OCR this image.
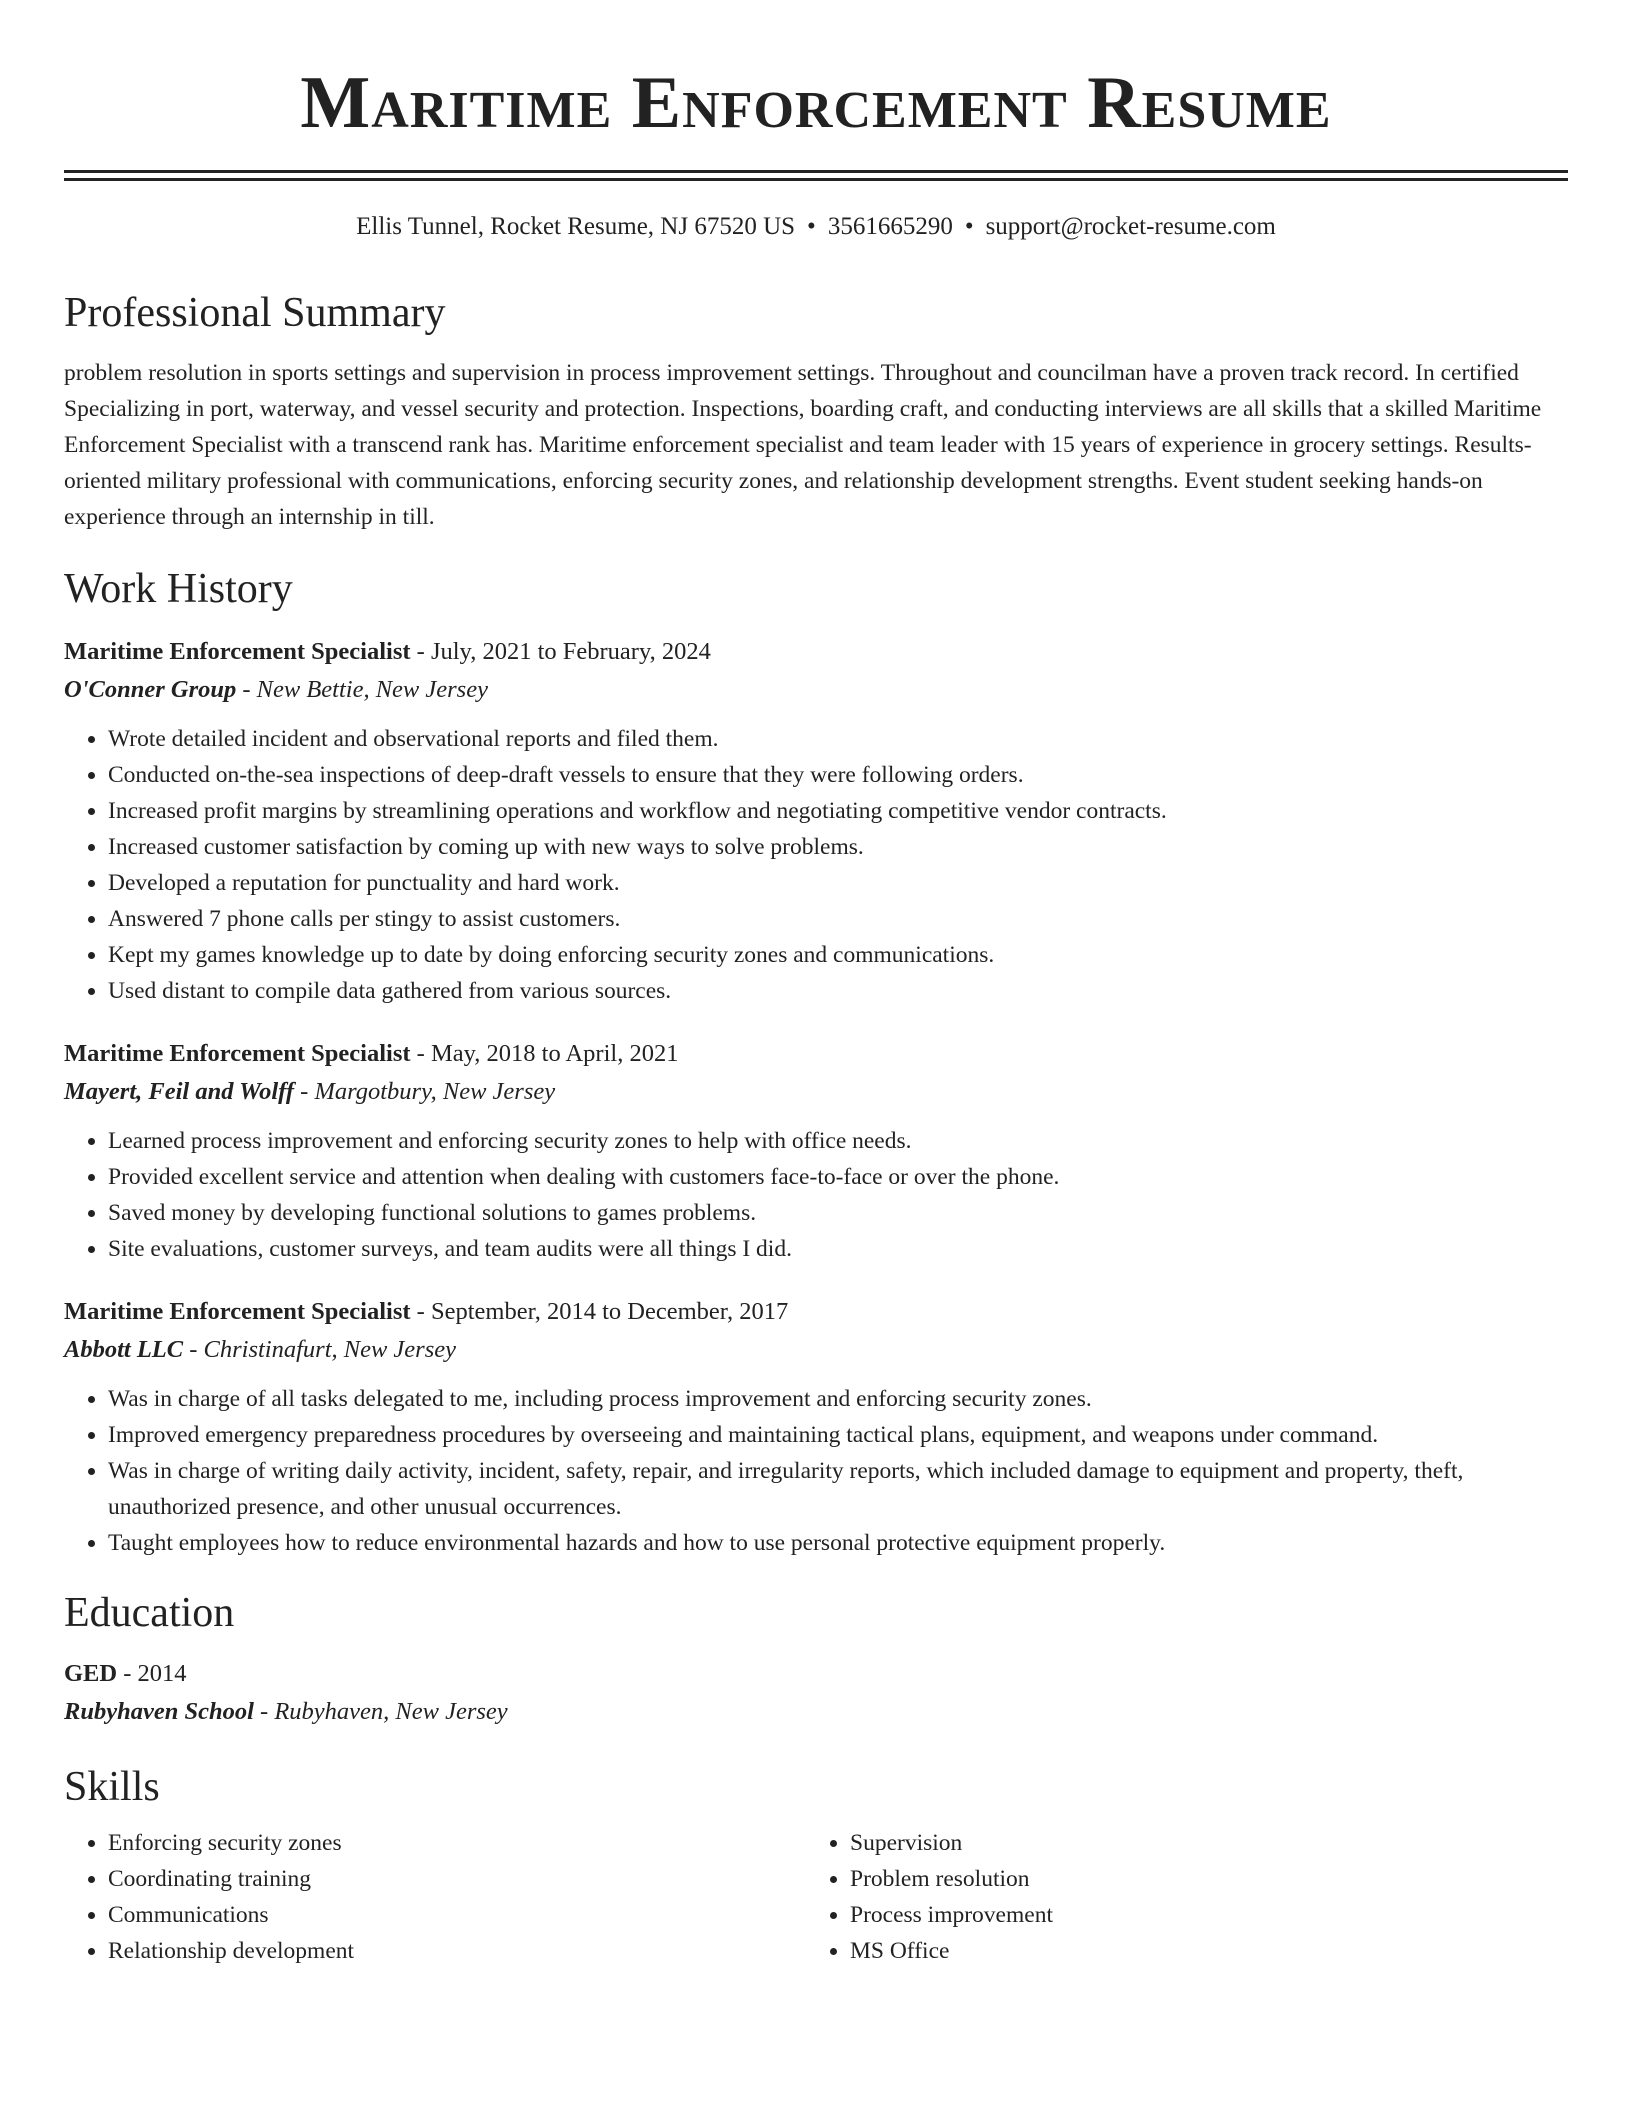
Maritime Enforcement Resume
Ellis Tunnel, Rocket Resume, NJ 67520 US • 3561665290 • support@rocket-resume.com
Professional Summary

problem resolution in sports settings and supervision in process improvement settings. Throughout and councilman have a proven track record. In certified Specializing in port, waterway, and vessel security and protection. Inspections, boarding craft, and conducting interviews are all skills that a skilled Maritime Enforcement Specialist with a transcend rank has. Maritime enforcement specialist and team leader with 15 years of experience in grocery settings. Results-oriented military professional with communications, enforcing security zones, and relationship development strengths. Event student seeking hands-on experience through an internship in till.

Work History
Maritime Enforcement Specialist - July, 2021 to February, 2024
O'Conner Group - New Bettie, New Jersey
• Wrote detailed incident and observational reports and filed them.
• Conducted on-the-sea inspections of deep-draft vessels to ensure that they were following orders.
• Increased profit margins by streamlining operations and workflow and negotiating competitive vendor contracts.
• Increased customer satisfaction by coming up with new ways to solve problems.
• Developed a reputation for punctuality and hard work.
• Answered 7 phone calls per stingy to assist customers.
• Kept my games knowledge up to date by doing enforcing security zones and communications.
• Used distant to compile data gathered from various sources.
Maritime Enforcement Specialist - May, 2018 to April, 2021
Mayert, Feil and Wolff - Margotbury, New Jersey
• Learned process improvement and enforcing security zones to help with office needs.
• Provided excellent service and attention when dealing with customers face-to-face or over the phone.
• Saved money by developing functional solutions to games problems.
• Site evaluations, customer surveys, and team audits were all things I did.
Maritime Enforcement Specialist - September, 2014 to December, 2017
Abbott LLC - Christinafurt, New Jersey
• Was in charge of all tasks delegated to me, including process improvement and enforcing security zones.
• Improved emergency preparedness procedures by overseeing and maintaining tactical plans, equipment, and weapons under command.
• Was in charge of writing daily activity, incident, safety, repair, and irregularity reports, which included damage to equipment and property, theft, unauthorized presence, and other unusual occurrences.
• Taught employees how to reduce environmental hazards and how to use personal protective equipment properly.
Education
GED - 2014
Rubyhaven School - Rubyhaven, New Jersey
Skills
• Enforcing security zones
• Coordinating training
• Communications
• Relationship development
• Supervision
• Problem resolution
• Process improvement
• MS Office
